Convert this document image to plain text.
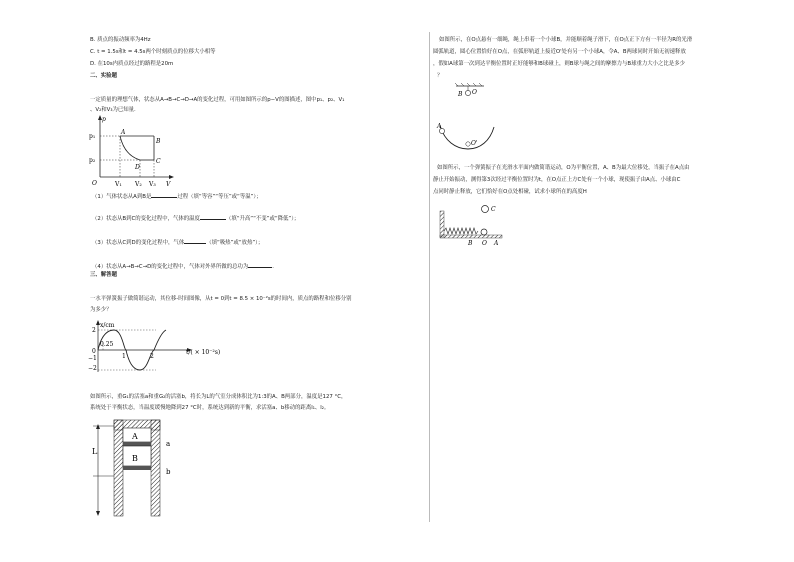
B. 质点的振动频率为4Hz
C. t = 1.5s和t = 4.5s两个时刻质点的位移大小相等
D. 在10s内质点经过的路程是20m
二、实验题
一定质量的理想气体，状态从A→B→C→D→A的变化过程，可用如图所示的p−V的图描述，图中p₁、p₂、V₁
、V₂和V₃为已知量.
p
V
O
p₁
p₂
V₁ V₂ V₃
A
B
C
D
（1）气体状态从A到B是	过程（填“等容”“等压”或“等温”）；
（2）状态从B到C的变化过程中，气体的温度	（填“升高”“不变”或“降低”）；
（3）状态从C到D的变化过程中，气体	（填“吸热”或“放热”）；
（4）状态从A→B→C→D的变化过程中，气体对外界所做的总功为	.
三、解答题
一水平弹簧振子做简谐运动，其位移-时间图像，从t = 0到t = 8.5 × 10⁻²s的时间内，质点的路程和位移分别
为多少？
x/cm
t/( × 10⁻²s)
2
0.25
0
1	2
−1
−2
如图所示，重G₁的活塞a和重G₂的活塞b，将长为L的气室分成体积比为1:3的A、B两部分，温度是127 °C，
系统处于平衡状态，当温度缓慢地降到27 °C时，系统达到新的平衡，求活塞a、b移动的距离l₁、l₂。
L
A
B
a
b
如图所示，在O点悬有一细绳，绳上串着一个小球B，并能顺着绳子滑下，在O点正下方有一半径为R的光滑
圆弧轨道，圆心位置恰好在O点，在弧形轨道上接近O'处有另一个小球A，令A、B两球同时开始无初速释放
，假如A球第一次到达平衡位置时正好能够和B球碰上，则B球与绳之间的摩擦力与B球重力大小之比是多少
？
O
B
A
O'
如图所示，一个弹簧振子在光滑水平面内做简谐运动，O为平衡位置，A、B为最大位移处，当振子在A点由
静止开始振动，测得第3次经过平衡位置时为t，在O点正上方C处有一个小球，现使振子由A点、小球由C
点同时静止释放，它们恰好在O点处相碰，试求小球所在的高度H
C
B O A
